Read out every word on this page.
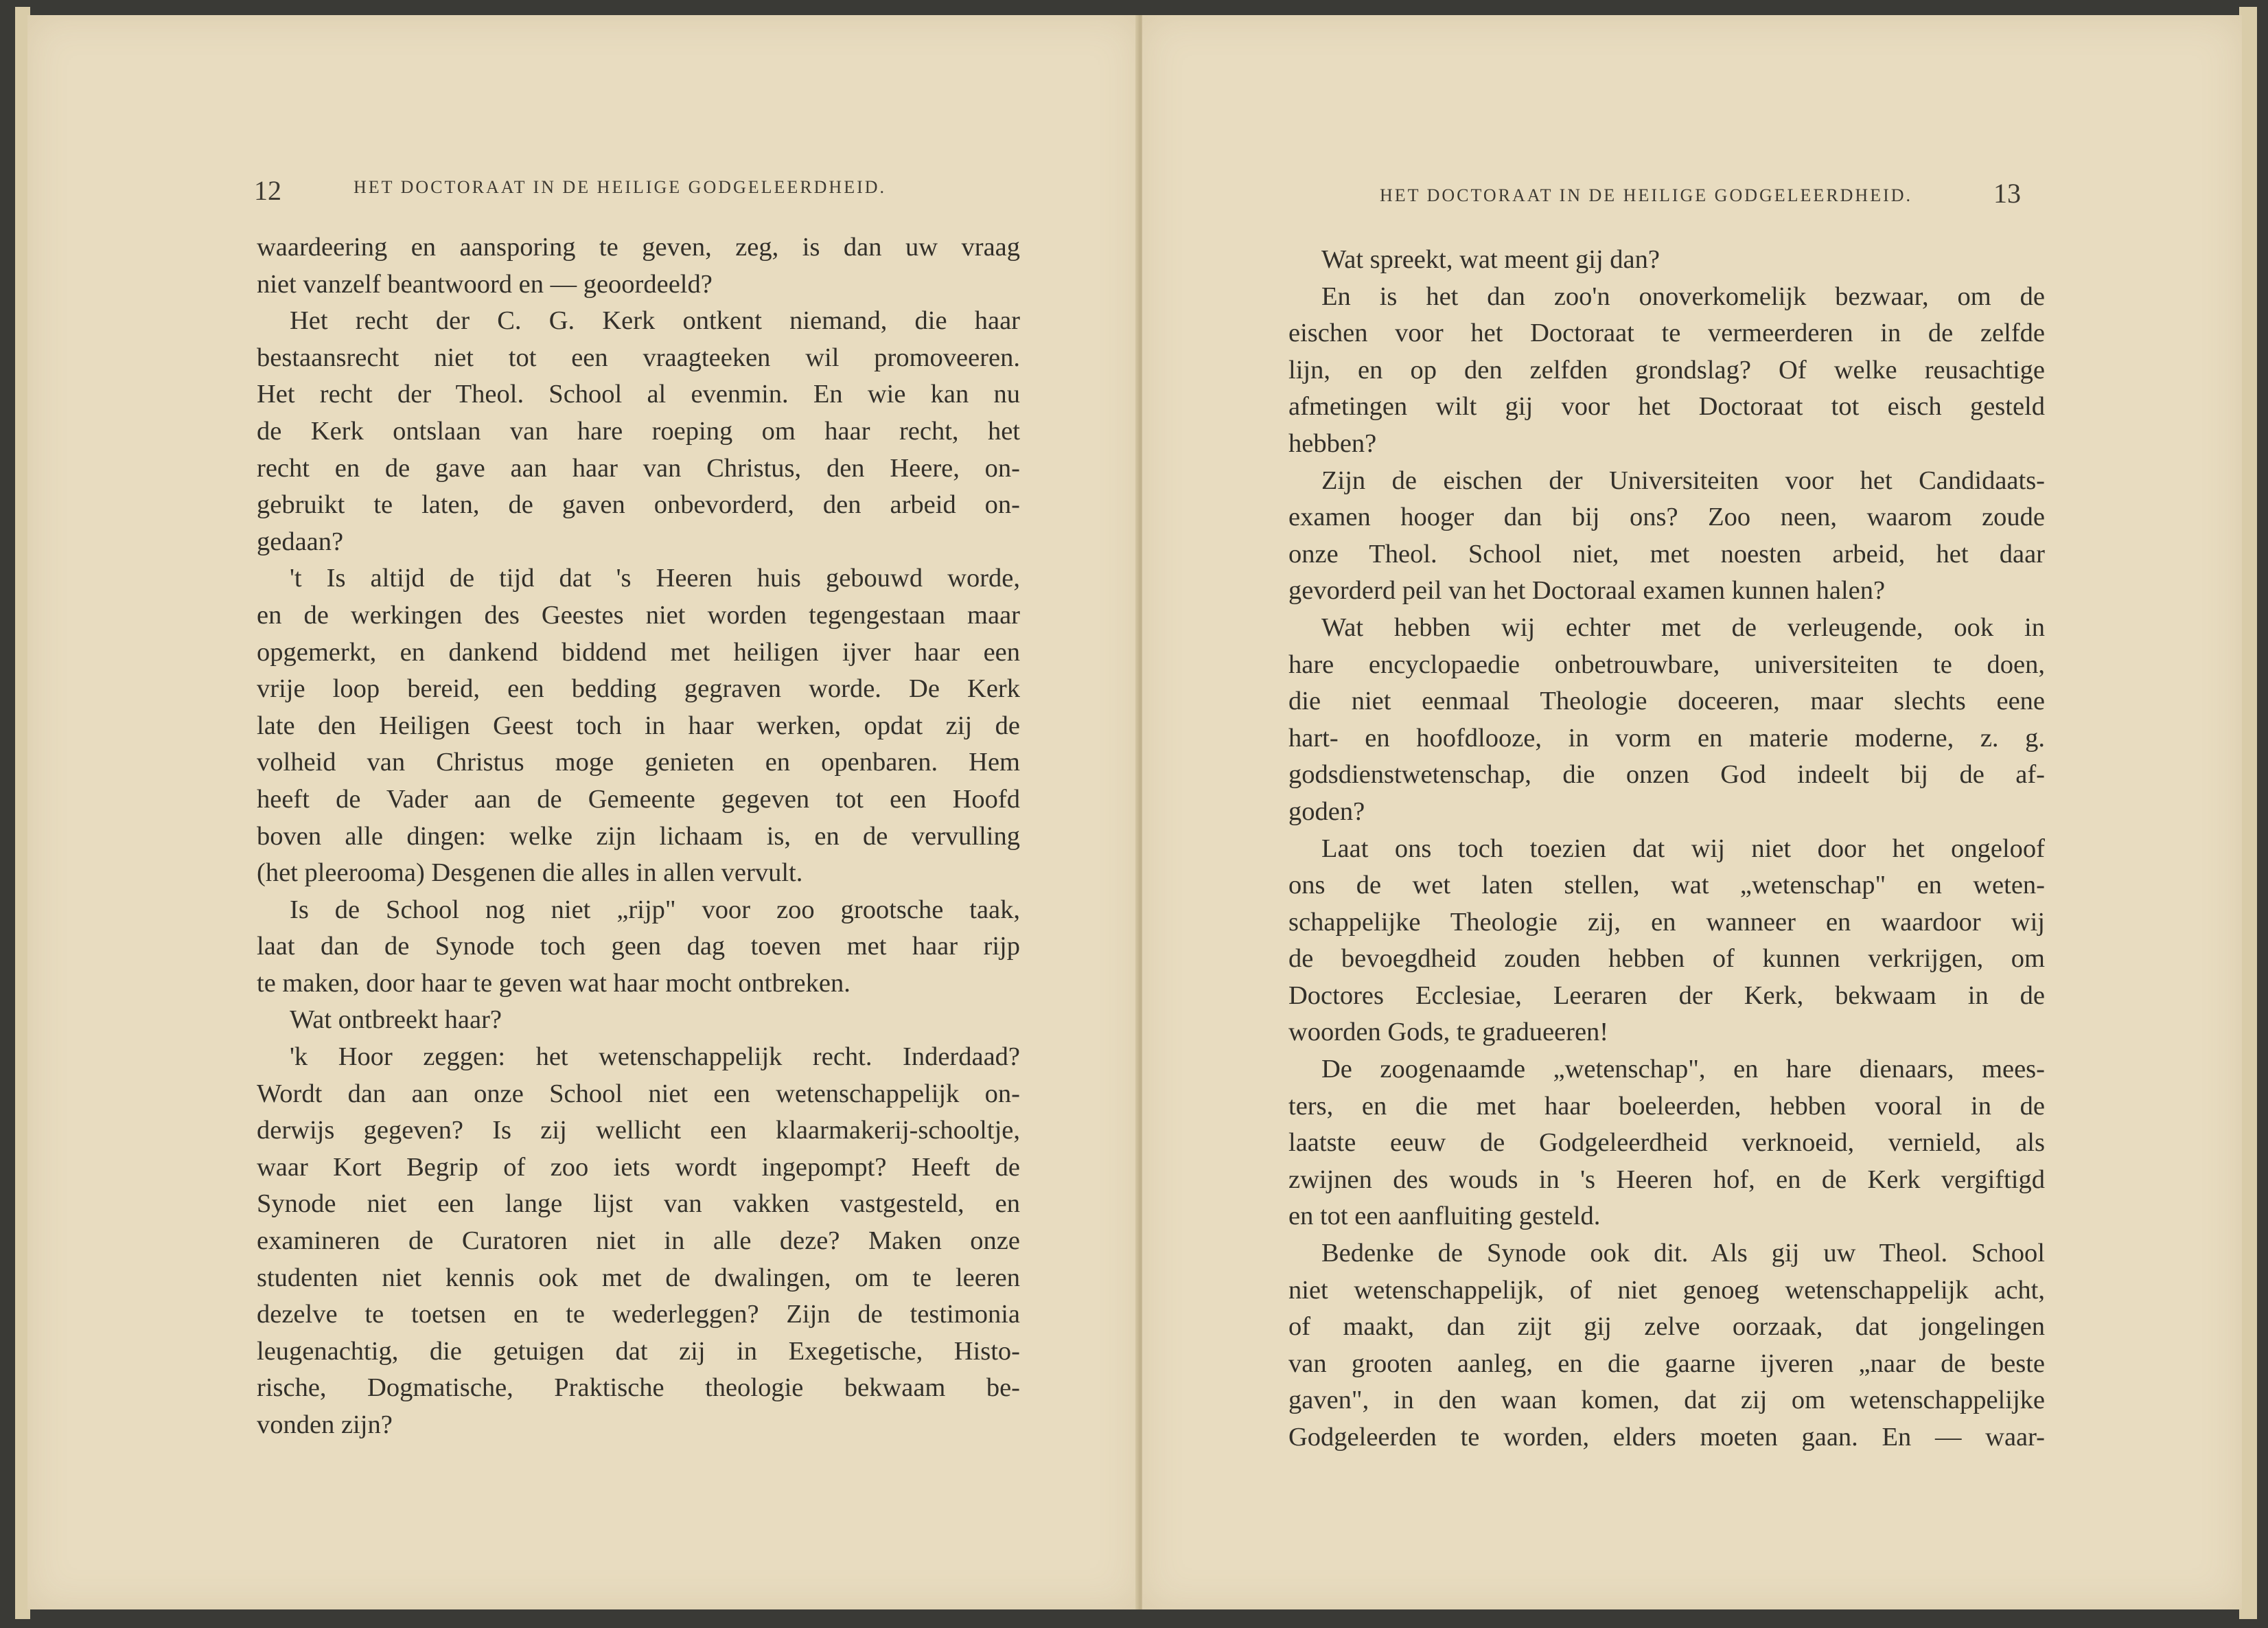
12	HET DOCTORAAT IN DE HEILIGE GODGELEERDHEID.
waardeering en aansporing te geven, zeg, is dan uw vraag
niet vanzelf beantwoord en — geoordeeld?
Het recht der C. G. Kerk ontkent niemand, die haar
bestaansrecht niet tot een vraagteeken wil promoveeren.
Het recht der Theol. School al evenmin. En wie kan nu
de Kerk ontslaan van hare roeping om haar recht, het
recht en de gave aan haar van Christus, den Heere, on-
gebruikt te laten, de gaven onbevorderd, den arbeid on-
gedaan?
't Is altijd de tijd dat 's Heeren huis gebouwd worde,
en de werkingen des Geestes niet worden tegengestaan maar
opgemerkt, en dankend biddend met heiligen ijver haar een
vrije loop bereid, een bedding gegraven worde. De Kerk
late den Heiligen Geest toch in haar werken, opdat zij de
volheid van Christus moge genieten en openbaren. Hem
heeft de Vader aan de Gemeente gegeven tot een Hoofd
boven alle dingen: welke zijn lichaam is, en de vervulling
(het pleerooma) Desgenen die alles in allen vervult.
Is de School nog niet „rijp" voor zoo grootsche taak,
laat dan de Synode toch geen dag toeven met haar rijp
te maken, door haar te geven wat haar mocht ontbreken.
Wat ontbreekt haar?
'k Hoor zeggen: het wetenschappelijk recht. Inderdaad?
Wordt dan aan onze School niet een wetenschappelijk on-
derwijs gegeven? Is zij wellicht een klaarmakerij-schooltje,
waar Kort Begrip of zoo iets wordt ingepompt? Heeft de
Synode niet een lange lijst van vakken vastgesteld, en
examineren de Curatoren niet in alle deze? Maken onze
studenten niet kennis ook met de dwalingen, om te leeren
dezelve te toetsen en te wederleggen? Zijn de testimonia
leugenachtig, die getuigen dat zij in Exegetische, Histo-
rische, Dogmatische, Praktische theologie bekwaam be-
vonden zijn?
HET DOCTORAAT IN DE HEILIGE GODGELEERDHEID.	13
Wat spreekt, wat meent gij dan?
En is het dan zoo'n onoverkomelijk bezwaar, om de
eischen voor het Doctoraat te vermeerderen in de zelfde
lijn, en op den zelfden grondslag? Of welke reusachtige
afmetingen wilt gij voor het Doctoraat tot eisch gesteld
hebben?
Zijn de eischen der Universiteiten voor het Candidaats-
examen hooger dan bij ons? Zoo neen, waarom zoude
onze Theol. School niet, met noesten arbeid, het daar
gevorderd peil van het Doctoraal examen kunnen halen?
Wat hebben wij echter met de verleugende, ook in
hare encyclopaedie onbetrouwbare, universiteiten te doen,
die niet eenmaal Theologie doceeren, maar slechts eene
hart- en hoofdlooze, in vorm en materie moderne, z. g.
godsdienstwetenschap, die onzen God indeelt bij de af-
goden?
Laat ons toch toezien dat wij niet door het ongeloof
ons de wet laten stellen, wat „wetenschap" en weten-
schappelijke Theologie zij, en wanneer en waardoor wij
de bevoegdheid zouden hebben of kunnen verkrijgen, om
Doctores Ecclesiae, Leeraren der Kerk, bekwaam in de
woorden Gods, te gradueeren!
De zoogenaamde „wetenschap", en hare dienaars, mees-
ters, en die met haar boeleerden, hebben vooral in de
laatste eeuw de Godgeleerdheid verknoeid, vernield, als
zwijnen des wouds in 's Heeren hof, en de Kerk vergiftigd
en tot een aanfluiting gesteld.
Bedenke de Synode ook dit. Als gij uw Theol. School
niet wetenschappelijk, of niet genoeg wetenschappelijk acht,
of maakt, dan zijt gij zelve oorzaak, dat jongelingen
van grooten aanleg, en die gaarne ijveren „naar de beste
gaven", in den waan komen, dat zij om wetenschappelijke
Godgeleerden te worden, elders moeten gaan. En — waar-
